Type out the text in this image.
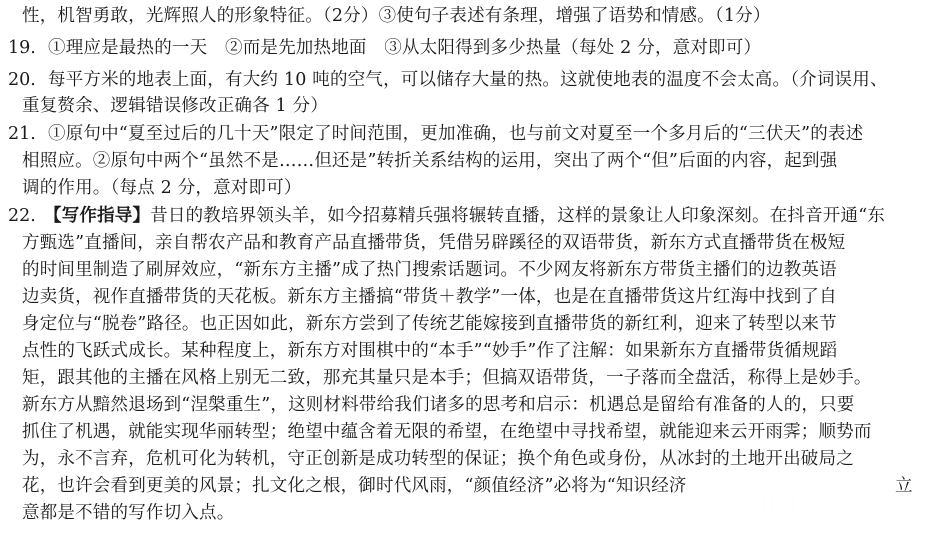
性，机智勇敢，光辉照人的形象特征。（2分）③使句子表述有条理，增强了语势和情感。（1分）
19. ①理应是最热的一天　②而是先加热地面　③从太阳得到多少热量（每处 2 分，意对即可）
20. 每平方米的地表上面，有大约 10 吨的空气，可以储存大量的热。这就使地表的温度不会太高。（介词误用、
重复赘余、逻辑错误修改正确各 1 分）
21. ①原句中“夏至过后的几十天”限定了时间范围，更加准确，也与前文对夏至一个多月后的“三伏天”的表述
相照应。②原句中两个“虽然不是……但还是”转折关系结构的运用，突出了两个“但”后面的内容，起到强
调的作用。（每点 2 分，意对即可）
22. 【写作指导】昔日的教培界领头羊，如今招募精兵强将辗转直播，这样的景象让人印象深刻。在抖音开通“东
方甄选”直播间，亲自帮农产品和教育产品直播带货，凭借另辟蹊径的双语带货，新东方式直播带货在极短
的时间里制造了刷屏效应，“新东方主播”成了热门搜索话题词。不少网友将新东方带货主播们的边教英语
边卖货，视作直播带货的天花板。新东方主播搞“带货＋教学”一体，也是在直播带货这片红海中找到了自
身定位与“脱卷”路径。也正因如此，新东方尝到了传统艺能嫁接到直播带货的新红利，迎来了转型以来节
点性的飞跃式成长。某种程度上，新东方对围棋中的“本手”“妙手”作了注解：如果新东方直播带货循规蹈
矩，跟其他的主播在风格上别无二致，那充其量只是本手；但搞双语带货，一子落而全盘活，称得上是妙手。
新东方从黯然退场到“涅槃重生”，这则材料带给我们诸多的思考和启示：机遇总是留给有准备的人的，只要
抓住了机遇，就能实现华丽转型；绝望中蕴含着无限的希望，在绝望中寻找希望，就能迎来云开雨霁；顺势而
为，永不言弃，危机可化为转机，守正创新是成功转型的保证；换个角色或身份，从冰封的土地开出破局之
花，也许会看到更美的风景；扎文化之根，御时代风雨，“颜值经济”必将为“知识经济	立
意都是不错的写作切入点。
